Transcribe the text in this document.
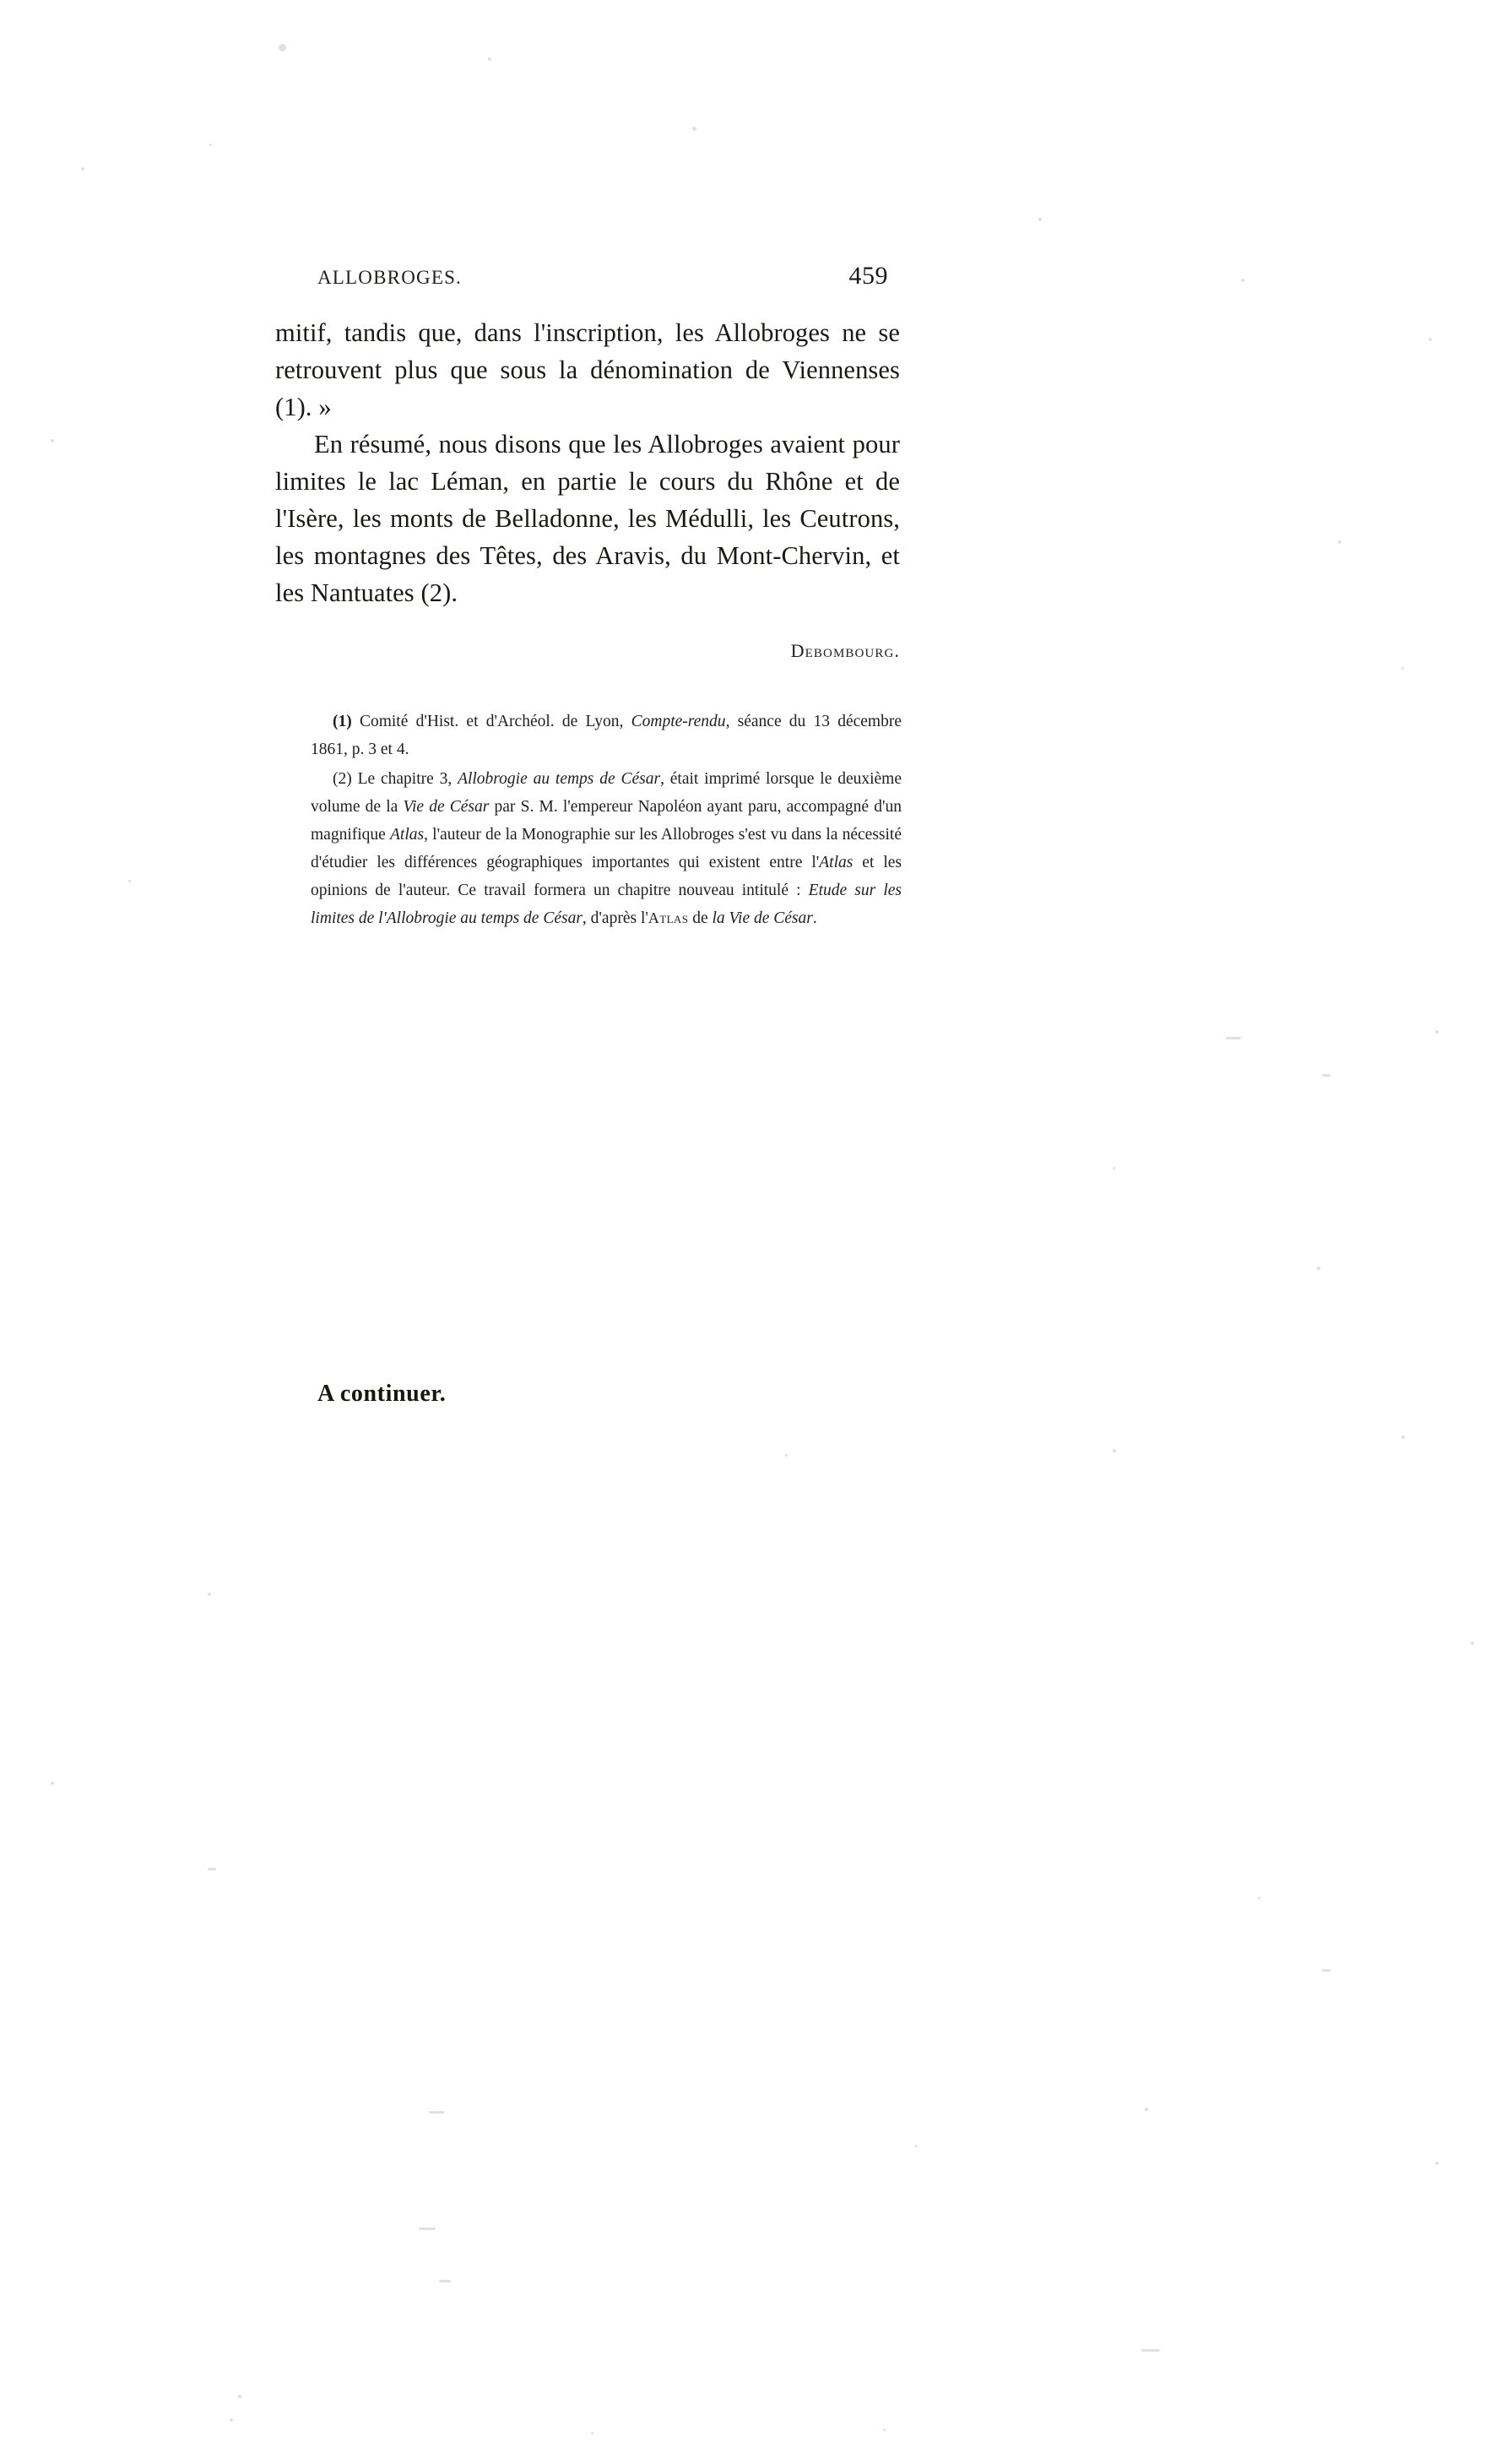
ALLOBROGES.	459

mitif, tandis que, dans l'inscription, les Allobroges ne se retrouvent plus que sous la dénomination de Viennenses (1). »

En résumé, nous disons que les Allobroges avaient pour limites le lac Léman, en partie le cours du Rhône et de l'Isère, les monts de Belladonne, les Médulli, les Ceutrons, les montagnes des Têtes, des Aravis, du Mont-Chervin, et les Nantuates (2).

Debombourg.

(1) Comité d'Hist. et d'Archéol. de Lyon, Compte-rendu, séance du 13 décembre 1861, p. 3 et 4.

(2) Le chapitre 3, Allobrogie au temps de César, était imprimé lorsque le deuxième volume de la Vie de César par S. M. l'empereur Napoléon ayant paru, accompagné d'un magnifique Atlas, l'auteur de la Monographie sur les Allobroges s'est vu dans la nécessité d'étudier les différences géographiques importantes qui existent entre l'Atlas et les opinions de l'auteur. Ce travail formera un chapitre nouveau intitulé : Etude sur les limites de l'Allobrogie au temps de César, d'après l'Atlas de la Vie de César.

A continuer.
